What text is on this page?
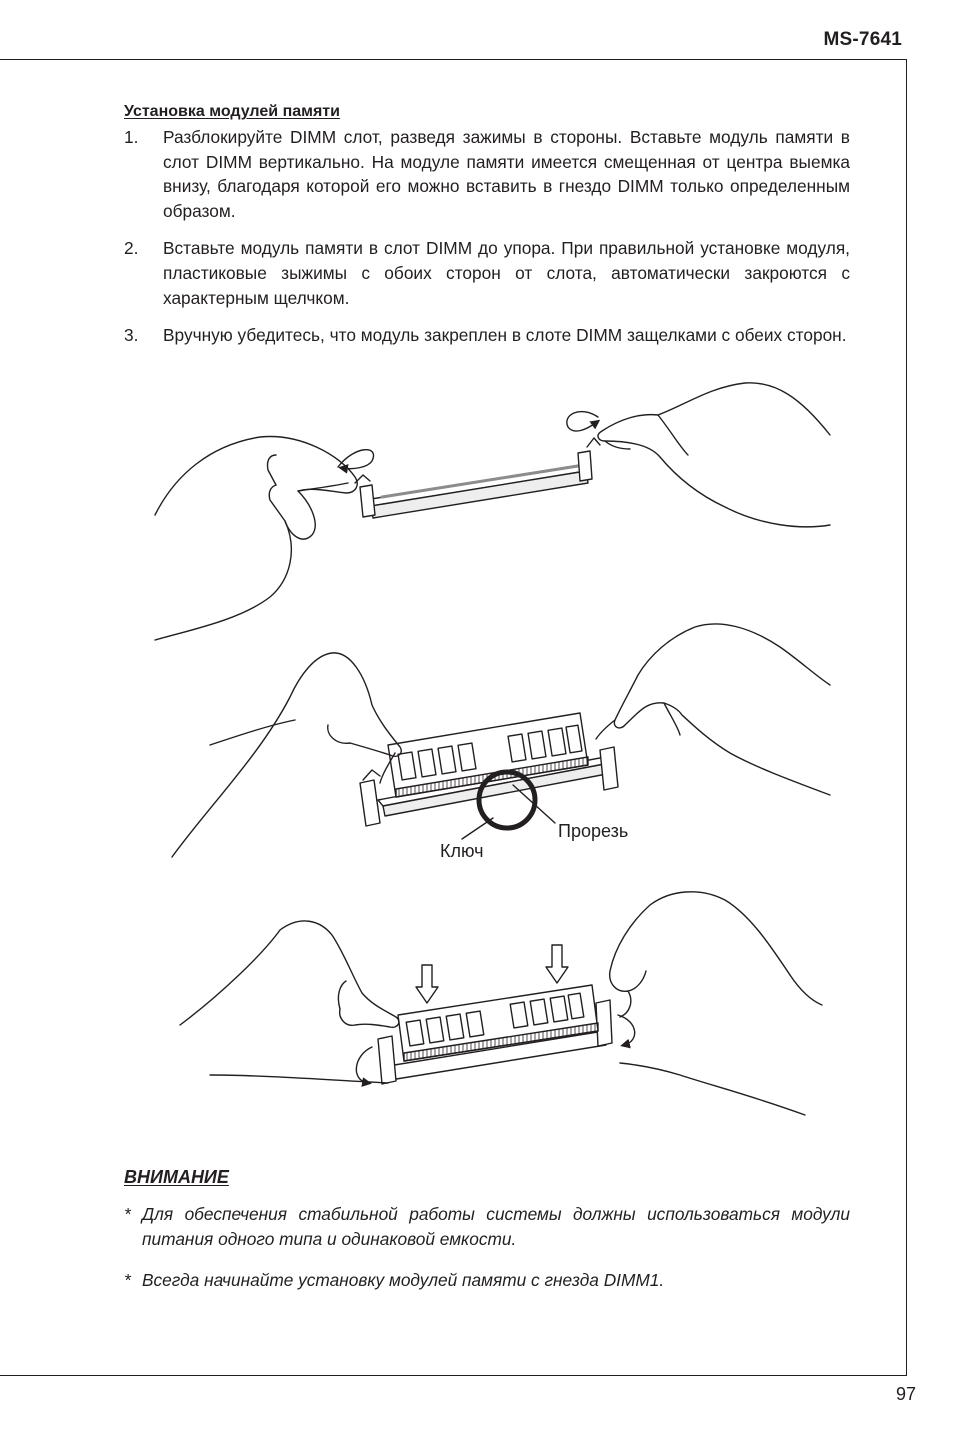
MS-7641
Установка модулей памяти
1. Разблокируйте DIMM слот, разведя зажимы в стороны. Вставьте модуль памяти в слот DIMM вертикально. На модуле памяти имеется смещенная от центра выемка внизу, благодаря которой его можно вставить в гнездо DIMM только определенным образом.
2. Вставьте модуль памяти в слот DIMM до упора. При правильной установке модуля, пластиковые зыжимы с обоих сторон от слота, автоматически закроются с характерным щелчком.
3. Вручную убедитесь, что модуль закреплен в слоте DIMM защелками с обеих сторон.
Ключ
Прорезь
ВНИМАНИЕ
* Для обеспечения стабильной работы системы должны использоваться модули питания одного типа и одинаковой емкости.
* Всегда начинайте установку модулей памяти с гнезда DIMM1.
97
